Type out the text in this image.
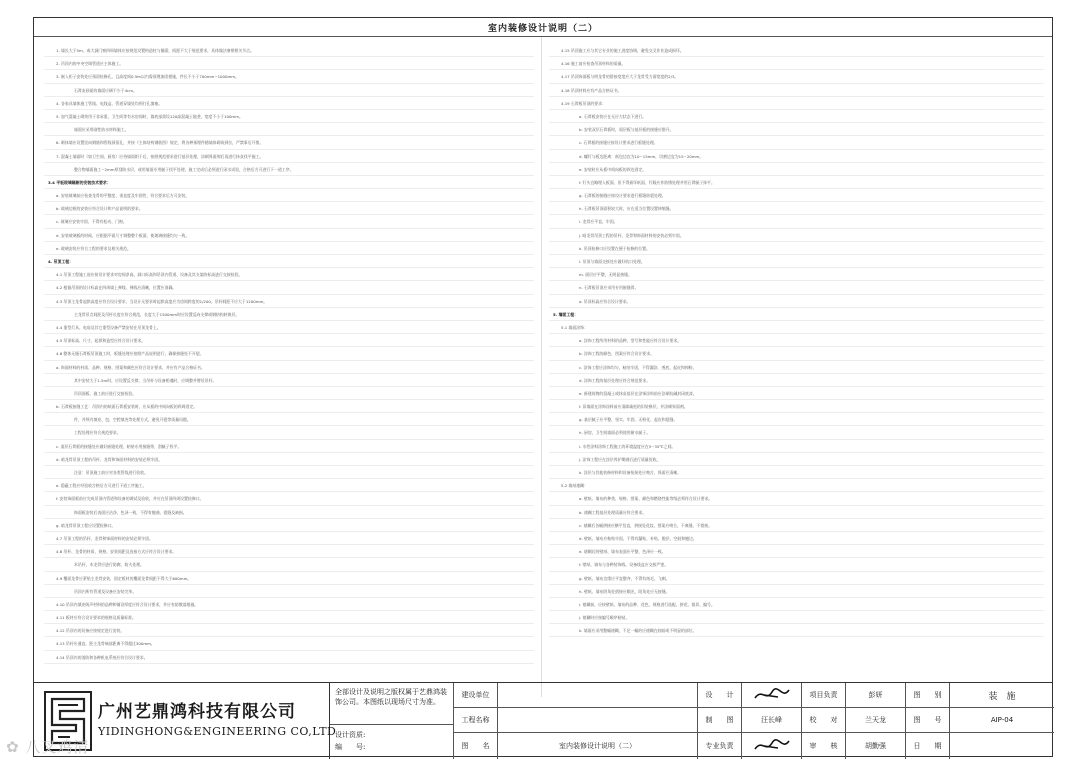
室内装修设计说明（二）
1. 墙长大于5m，或大洞门窗四周墙体应按规范设置构造柱与圈梁，间距不大于规范要求，具体做法参照相关节点。
2. 吊顶内的中央空调管道应主体施工。
3. 嵌入柜子安装处应预留检修孔，且高度间0.5m以内需预埋加固措施，件长不小于700mm~1000mm。
石膏灰砂面的墙面应刷不少于4cm。
4. 各家具墙体施工管线、电线盒、管道穿墙处均须打孔填塞。
5. 加气混凝土砌块用于非承重，卫生间等有水房间时，墙底部需设120高混凝土地垄，宽度不小于100mm。
墙面应采用刚性防水材料施工。
6. 砌体墙应设置竖向钢筋和管线预留孔，并按《主体结构钢筋图》规定，将各种预埋件随墙体砌筑到位，严禁事后开凿。
7. 混凝土墙面时（如卫生间、厨房）应待墙面阴干后，按照规范要求进行基层处理，涂刷界面剂后再进行抹灰找平施工。
整合物墙面施工~2mm厚刮防水层，或用墙面专用腻子找平处理，施工完成后必须进行闭水试验，合格后方可进行下一道工序。
3.4 平板玻璃隔断的安装技术要求：
a. 安装玻璃前应检查龙骨的平整度、垂直度及牢固性，符合要求后方可安装。
b. 玻璃边框的安装应符合设计和产品说明的要求。
c. 玻璃应安装牢固，不得有松动、门窗。
d. 安装玻璃板的时候，应根据平面尺寸调整整个板面，使玻璃接缝均匀一致。
e. 玻璃安装应符合工程的要求及相关规范。
4. 吊顶工程：
4.1 吊顶工程施工前应按设计要求对房间净高、洞口标高和吊顶内管道、设备及其支架的标高进行交接检验。
4.2 根据吊顶的设计标高在四周墙上弹线，弹线应清晰，位置应准确。
4.3 吊顶主龙骨起拱高度应符合设计要求，当设计无要求时起拱高度应为房间跨度的1/200，吊杆间距不应大于1200mm。
主龙骨吊点间距及吊杆长度应符合规范，长度大于1500mm时应设置反向支撑或钢结构转换层。
4.4 重型灯具、电扇及其它重型设备严禁安装在吊顶龙骨上。
4.5 吊顶标高、尺寸、起拱和造型应符合设计要求。
4.6 整体无缝石膏板吊顶施工时，板缝处理应按照产品说明进行，确保接缝处不开裂。
a. 饰面材料的材质、品种、规格、图案和颜色应符合设计要求，并应有产品合格证书。
其中安装大于1.5m时，应设置反支撑，当吊杆与设备相遇时，应调整并增设吊杆。
吊顶面板、施工前应进行交接检验。
b. 石膏板接缝工艺：吊顶内的纸面石膏板安装时，应从板的中间向板的四周固定。
件，并须内填充、包、空腔填充等处理方式，避免开裂等质量问题。
工程处理应符合规范要求。
c. 面层石膏板的接缝处应做好嵌缝处理，粘贴专用接缝带，刮腻子找平。
d. 暗龙骨吊顶工程的吊杆、龙骨和饰面材料的安装必须牢固。
注意：吊顶施工前应对各类管线进行验收。
e. 隐蔽工程应经验收合格后方可进行下道工序施工。
f. 安装饰面板前应完成吊顶内管道和设备的调试及验收，并应在吊顶四周设置检修口。
饰面板安装后表面应洁净、色泽一致，不得有翘曲、裂缝及缺损。
g. 暗龙骨吊顶工程应设置检修口。
4.7 吊顶工程的吊杆、龙骨和饰面材料的安装必须牢固。
4.8 吊杆、龙骨的材质、规格、安装间距及连接方式应符合设计要求。
木吊杆、木龙骨应进行防腐、防火处理。
4.9 覆面龙骨应紧贴主龙骨安装，固定板材的覆面龙骨间距不得大于600mm。
吊顶内所有管道及设备应安装完毕。
4.10 吊顶内填充吸声材料的品种和铺设厚度应符合设计要求，并应有防散落措施。
4.11 板材应符合设计要求的规格及质量标准。
4.12 吊顶内的设备应按规定进行安装。
4.13 吊杆应通直，距主龙骨端部距离不得超过300mm。
4.14 吊顶内的消防和各种机电系统应符合设计要求。
4.15 吊顶施工应与其它专业的施工进度协调，避免交叉作业造成损坏。
4.16 施工前应检查吊顶材料的质量。
4.17 吊顶饰面板与明龙骨的搭接宽度应大于龙骨受力面宽度的2/3。
4.18 吊顶材料应有产品合格证书。
4.19 石膏板吊顶的要求：
a. 石膏板安装应在无应力状态下进行。
b. 安装双层石膏板时，面层板与基层板的接缝应错开。
c. 石膏板的接缝应按设计要求进行板缝处理。
d. 螺钉与板边距离：纸包边宜为10~15mm，切割边宜为15~20mm。
e. 安装时应从板中间向板的四边固定。
f. 钉头宜略埋入板面，但不得损坏纸面，钉眼应作防锈处理并用石膏腻子抹平。
g. 石膏板的接缝应按设计要求进行板缝防裂处理。
h. 石膏板吊顶面积较大时，应在适当位置设置伸缩缝。
i. 龙骨应平直、牢固。
j. 暗龙骨吊顶工程的吊杆、龙骨和饰面材料的安装必须牢固。
k. 吊顶检修口应设置在便于检修的位置。
l. 吊顶与墙面交接处应做好收口处理。
m. 面层应平整，无明显接缝。
n. 石膏板吊顶应采用专用嵌缝膏。
o. 吊顶标高应符合设计要求。
5. 墙面工程：
5.1 墙面涂饰：
a. 涂饰工程所用材料的品种、型号和性能应符合设计要求。
b. 涂饰工程的颜色、图案应符合设计要求。
c. 涂饰工程应涂饰均匀、粘结牢固，不得漏涂、透底、起皮和掉粉。
d. 涂饰工程的基层处理应符合规范要求。
e. 新建筑物的混凝土或抹灰基层在涂饰涂料前应涂刷抗碱封闭底漆。
f. 旧墙面在涂饰涂料前应清除疏松的旧装修层，并涂刷界面剂。
g. 基层腻子应平整、坚实、牢固，无粉化、起皮和裂缝。
h. 厨房、卫生间墙面必须使用耐水腻子。
i. 水性涂料涂饰工程施工的环境温度应在5~35℃之间。
j. 涂饰工程应在涂层养护期满后进行质量验收。
k. 涂层与其他装修材料和设备衔接处应吻合，界面应清晰。
5.2 墙纸裱糊：
a. 壁纸、墙布的种类、规格、图案、颜色和燃烧性能等级必须符合设计要求。
b. 裱糊工程基层处理质量应符合要求。
c. 裱糊后各幅拼接应横平竖直，拼接处花纹、图案应吻合，不离缝，不搭接。
d. 壁纸、墙布应粘贴牢固，不得有漏贴、补贴、脱层、空鼓和翘边。
e. 裱糊后的壁纸、墙布表面应平整，色泽应一致。
f. 壁纸、墙布与各种装饰线、设备线盒应交接严密。
g. 壁纸、墙布边缘应平直整齐，不得有纸毛、飞刺。
h. 壁纸、墙布阴角处搭接应顺光，阳角处应无接缝。
i. 裱糊前，应按壁纸、墙布的品种、花色、规格进行选配、拼花、裁切、编号。
j. 裱糊时应按编号顺序粘贴。
k. 墙面应采用整幅裱糊，不足一幅的应裱糊在较暗或不明显的部位。
广州艺鼎鸿科技有限公司
YIDINGHONG&ENGINEERING CO,LTD
全部设计及说明之版权属于艺鼎鸿装饰公司。本图纸以现场尺寸为准。
设计资质:
编　　号:
建设单位
工程名称
图　　名	室内装修设计说明（二）
设　　计
制　　图	汪长峰
专业负责
项目负责	彭妍
校　　对	兰天龙
审　　核	胡勤强
图　　别	装　施
图　　号	AIP-04
日　　期
✿ 八叉鸡清
